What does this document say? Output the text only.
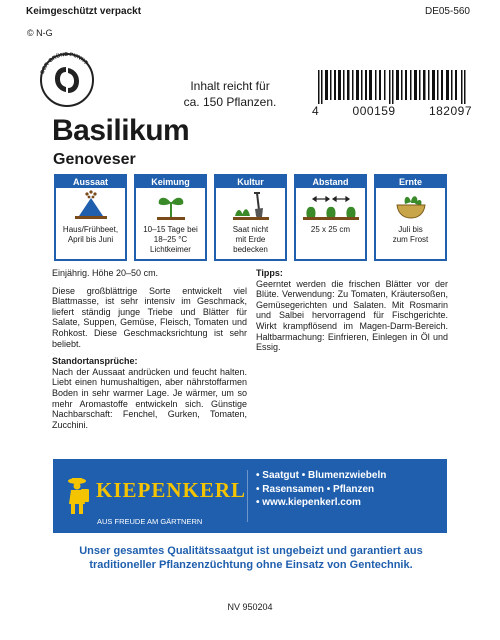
Keimgeschützt verpackt	DE05-560
© N-G
DER GRÜNE PUNKT
Inhalt reicht für
ca. 150 Pflanzen.
4	000159	182097
Basilikum
Genoveser
Aussaat
Haus/Frühbeet,
April bis Juni
Keimung
10–15 Tage bei
18–25 °C
Lichtkeimer
Kultur
Saat nicht
mit Erde
bedecken
Abstand
25 x 25 cm
Ernte
Juli bis
zum Frost

Einjährig. Höhe 20–50 cm.

Diese großblättrige Sorte entwickelt viel Blattmasse, ist sehr intensiv im Geschmack, liefert ständig junge Triebe und Blätter für Salate, Suppen, Gemüse, Fleisch, Tomaten und Rohkost. Diese Geschmacksrichtung ist sehr beliebt.

Standortansprüche:

Nach der Aussaat andrücken und feucht halten. Liebt einen humushaltigen, aber nährstoffarmen Boden in sehr warmer Lage. Je wärmer, um so mehr Aromastoffe entwickeln sich. Günstige Nachbarschaft: Fenchel, Gurken, Tomaten, Zucchini.

Tipps:
Geerntet werden die frischen Blätter vor der Blüte. Verwendung: Zu Tomaten, Kräutersoßen, Gemüsegerichten und Salaten. Mit Rosmarin und Salbei hervorragend für Fischgerichte. Wirkt krampflösend im Magen-Darm-Bereich. Haltbarmachung: Einfrieren, Einlegen in Öl und Essig.
KIEPENKERL
AUS FREUDE AM GÄRTNERN
• Saatgut • Blumenzwiebeln
• Rasensamen • Pflanzen
• www.kiepenkerl.com
Unser gesamtes Qualitätssaatgut ist ungebeizt und garantiert aus traditioneller Pflanzenzüchtung ohne Einsatz von Gentechnik.
NV 950204
